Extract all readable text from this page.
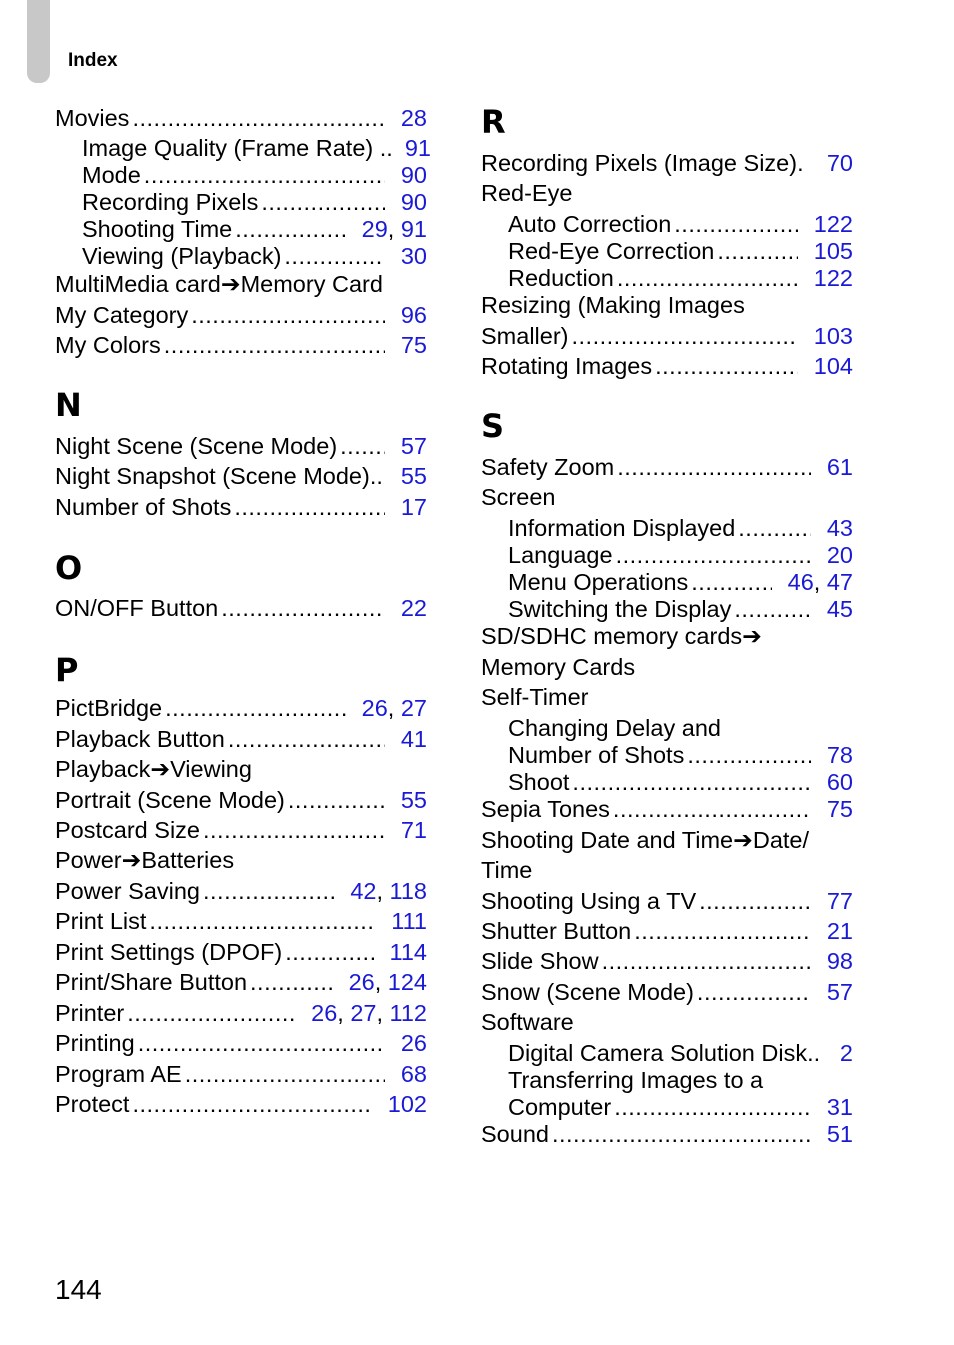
Index
Movies .....	28
Image Quality (Frame Rate) .. 91
Mode .....	90
Recording Pixels .....	90
Shooting Time .....	29, 91
Viewing (Playback) .....	30
MultiMedia card ➔ Memory Card
My Category .....	96
My Colors .....	75
N
Night Scene (Scene Mode) .....	57
Night Snapshot (Scene Mode).. 55
Number of Shots .....	17
O
ON/OFF Button .....	22
P
PictBridge .....	26, 27
Playback Button .....	41
Playback ➔ Viewing
Portrait (Scene Mode) .....	55
Postcard Size .....	71
Power ➔ Batteries
Power Saving .....	42, 118
Print List .....	111
Print Settings (DPOF) .....	114
Print/Share Button .....	26, 124
Printer .....	26, 27, 112
Printing .....	26
Program AE .....	68
Protect .....	102
R
Recording Pixels (Image Size). 70
Red-Eye
Auto Correction .....	122
Red-Eye Correction .....	105
Reduction .....	122
Resizing (Making Images
Smaller) .....	103
Rotating Images .....	104
S
Safety Zoom .....	61
Screen
Information Displayed .....	43
Language .....	20
Menu Operations .....	46, 47
Switching the Display .....	45
SD/SDHC memory cards ➔
Memory Cards
Self-Timer
Changing Delay and
Number of Shots .....	78
Shoot .....	60
Sepia Tones .....	75
Shooting Date and Time ➔ Date/
Time
Shooting Using a TV .....	77
Shutter Button .....	21
Slide Show .....	98
Snow (Scene Mode) .....	57
Software
Digital Camera Solution Disk.. 2
Transferring Images to a
Computer .....	31
Sound .....	51
144
